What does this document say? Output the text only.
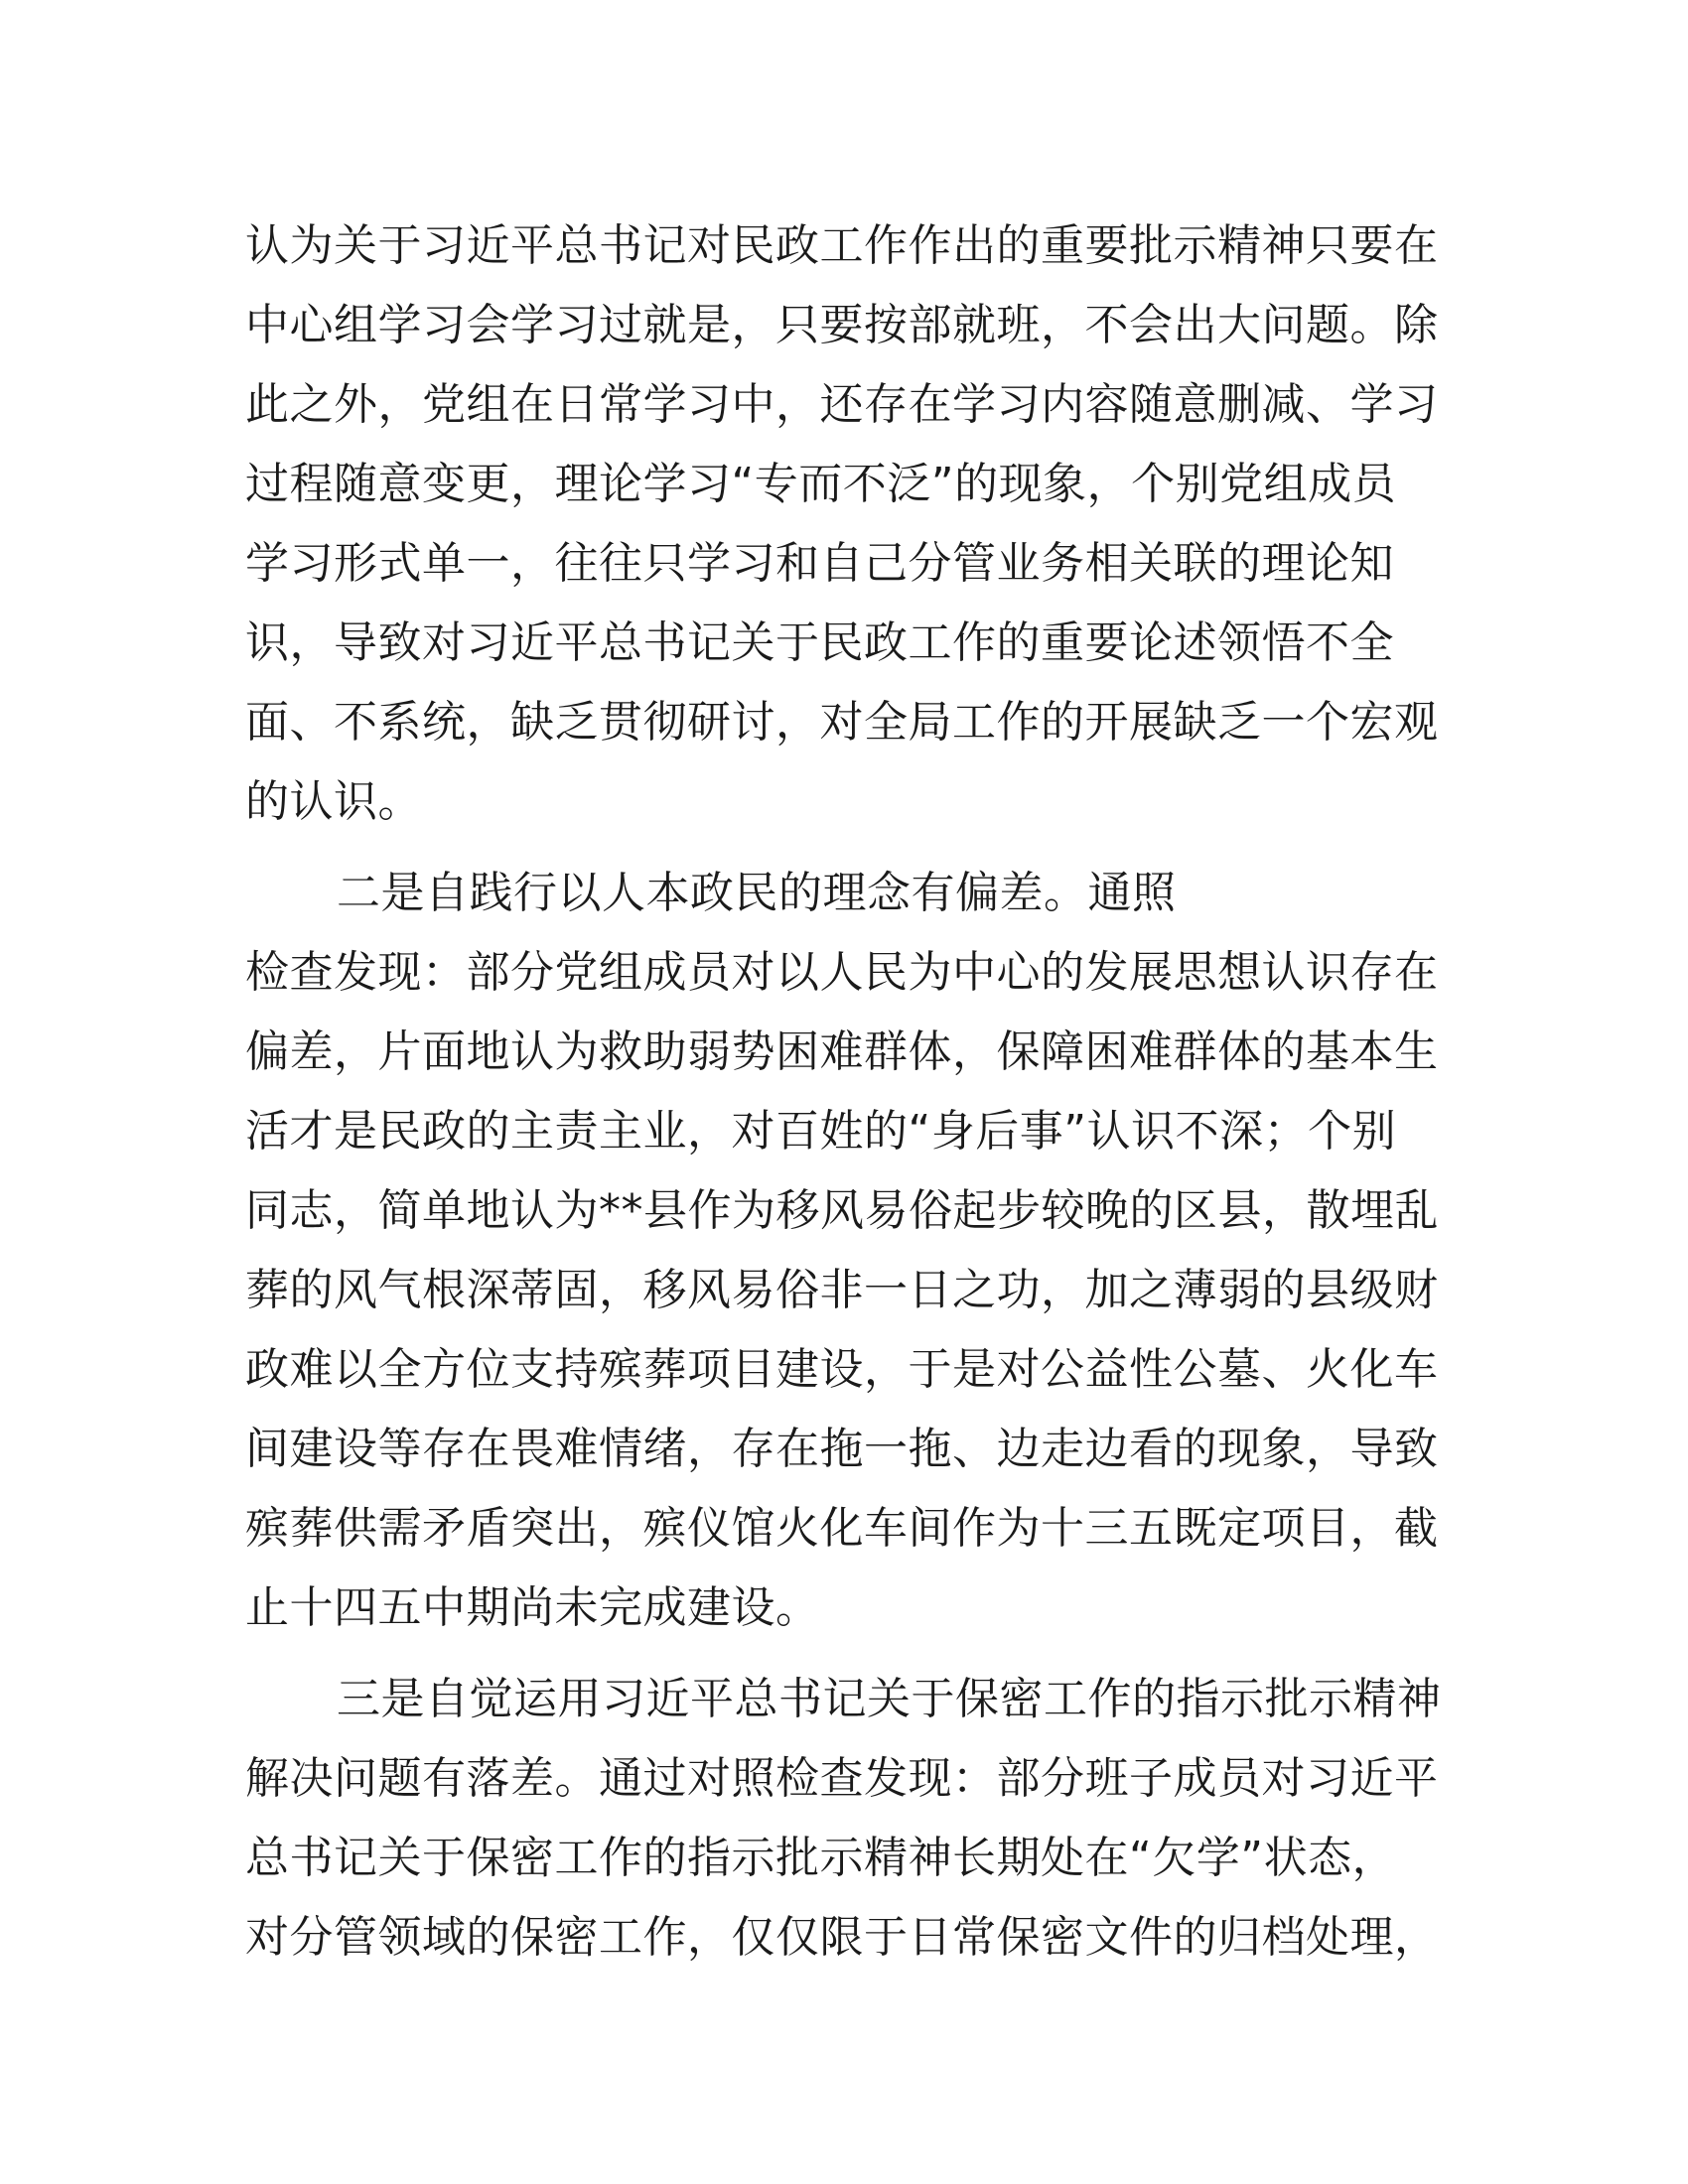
认为关于习近平总书记对民政工作作出的重要批示精神只要在
中心组学习会学习过就是，只要按部就班，不会出大问题。除
此之外，党组在日常学习中，还存在学习内容随意删减、学习
过程随意变更，理论学习“专而不泛”的现象，个别党组成员
学习形式单一，往往只学习和自己分管业务相关联的理论知
识，导致对习近平总书记关于民政工作的重要论述领悟不全
面、不系统，缺乏贯彻研讨，对全局工作的开展缺乏一个宏观
的认识。
二是自践行以人本政民的理念有偏差。通照
检查发现：部分党组成员对以人民为中心的发展思想认识存在
偏差，片面地认为救助弱势困难群体，保障困难群体的基本生
活才是民政的主责主业，对百姓的“身后事”认识不深；个别
同志，简单地认为**县作为移风易俗起步较晚的区县，散埋乱
葬的风气根深蒂固，移风易俗非一日之功，加之薄弱的县级财
政难以全方位支持殡葬项目建设，于是对公益性公墓、火化车
间建设等存在畏难情绪，存在拖一拖、边走边看的现象，导致
殡葬供需矛盾突出，殡仪馆火化车间作为十三五既定项目，截
止十四五中期尚未完成建设。
三是自觉运用习近平总书记关于保密工作的指示批示精神
解决问题有落差。通过对照检查发现：部分班子成员对习近平
总书记关于保密工作的指示批示精神长期处在“欠学”状态，
对分管领域的保密工作，仅仅限于日常保密文件的归档处理，
